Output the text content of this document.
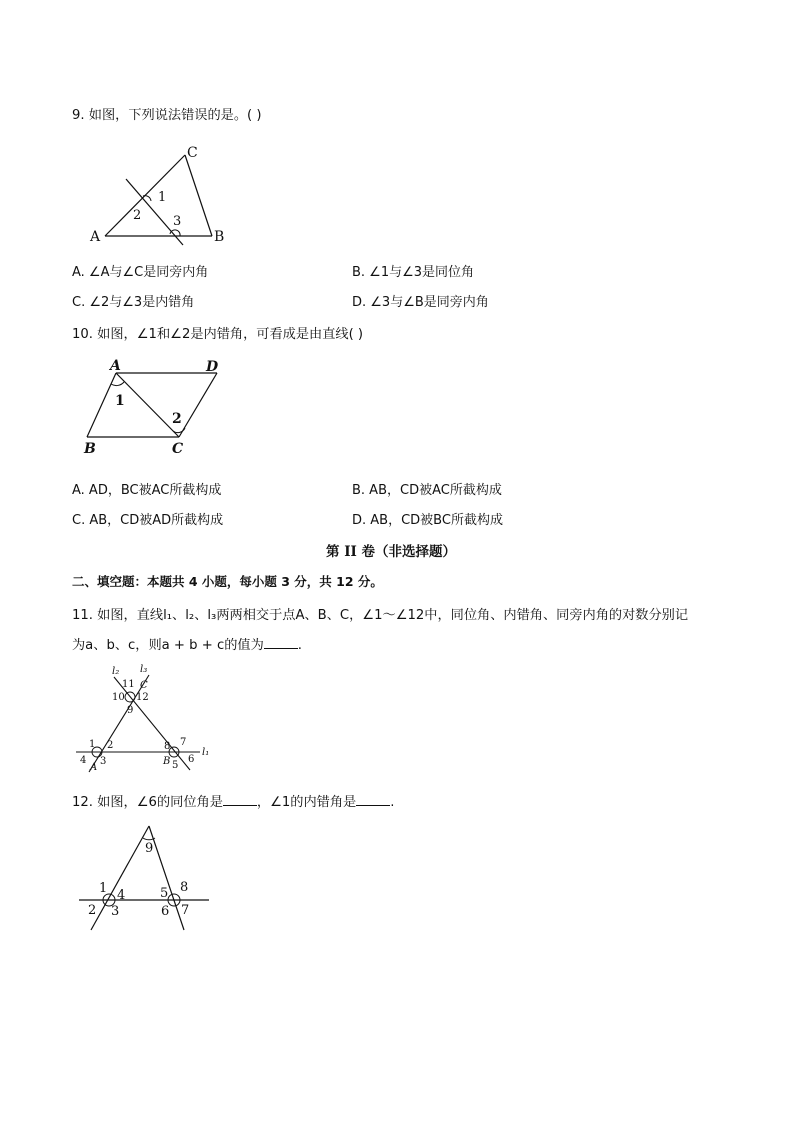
9. 如图，下列说法错误的是。( )
A	B
C
1
2 3
A. ∠A与∠C是同旁内角	B. ∠1与∠3是同位角
C. ∠2与∠3是内错角	D. ∠3与∠B是同旁内角
10. 如图，∠1和∠2是内错角，可看成是由直线( )
A	D
B	C
1
2
A. AD，BC被AC所截构成	B. AB，CD被AC所截构成
C. AB，CD被AD所截构成	D. AB，CD被BC所截构成
第 II 卷（非选择题）
二、填空题：本题共 4 小题，每小题 3 分，共 12 分。
11. 如图，直线l₁、l₂、l₃两两相交于点A、B、C，∠1～∠12中，同位角、内错角、同旁内角的对数分别记
为a、b、c，则a + b + c的值为	.
l₂ l₃
l₁
11 C
10 12
9
1 2
4
A
3
8 7
B 5
6
12. 如图，∠6的同位角是	，∠1的内错角是	.
9
1 4
2 3
5 8
6 7
